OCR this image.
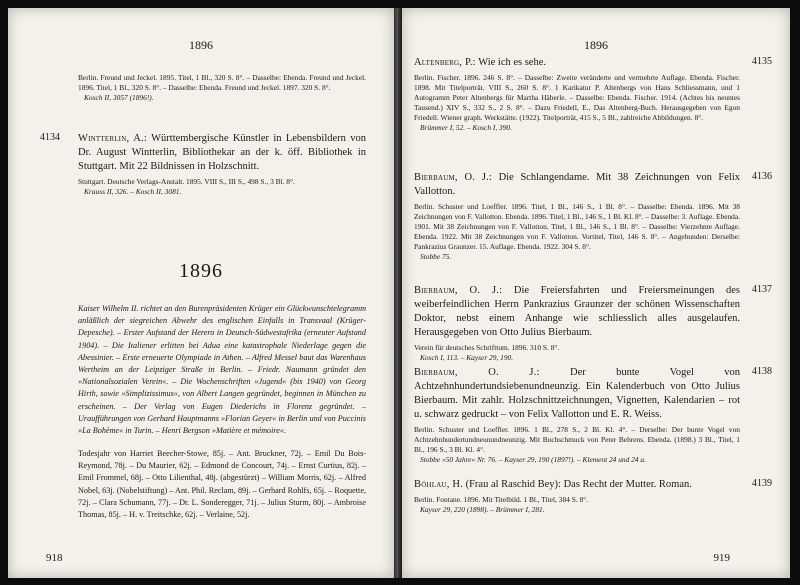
1896
Berlin. Freund und Jeckel. 1895. Titel, 1 Bl., 320 S. 8°. – Dasselbe: Ebenda. Freund und Jeckel. 1896. Titel, 1 Bl., 320 S. 8°. – Dasselbe: Ebenda. Freund und Jeckel. 1897. 320 S. 8°.
Kosch II, 3057 (1896!).
4134 Wintterlin, A.: Württembergische Künstler in Lebensbildern von Dr. August Wintterlin, Bibliothekar an der k. öff. Bibliothek in Stuttgart. Mit 22 Bildnissen in Holzschnitt.
Stuttgart. Deutsche Verlags-Anstalt. 1895. VIII S., III S., 498 S., 3 Bl. 8°.
Krauss II, 326. – Kosch II, 3081.
1896
Kaiser Wilhelm II. richtet an den Burenpräsidenten Krüger ein Glückwunschtelegramm anläßlich der siegreichen Abwehr des englischen Einfalls in Transvaal (Krüger-Depesche). – Erster Aufstand der Herero in Deutsch-Südwestafrika (erneuter Aufstand 1904). – Die Italiener erlitten bei Adua eine katastrophale Niederlage gegen die Abessinier. – Erste erneuerte Olympiade in Athen. – Alfred Messel baut das Warenhaus Wertheim an der Leipziger Straße in Berlin. – Friedr. Naumann gründet den »Nationalsozialen Verein«. – Die Wochenschriften »Jugend« (bis 1940) von Georg Hirth, sowie »Simplizissimus«, von Albert Langen gegründet, beginnen in München zu erscheinen. – Der Verlag von Eugen Diederichs in Florenz gegründet. – Uraufführungen von Gerhard Hauptmanns »Florian Geyer« in Berlin und von Puccinis »La Bohème« in Turin. – Henri Bergson »Matière et mémoire«.
Todesjahr von Harriet Beecher-Stowe, 85j. – Ant. Bruckner, 72j. – Emil Du Bois-Reymond, 78j. – Du Maurier, 62j. – Edmond de Concourt, 74j. – Ernst Curtius, 82j. – Emil Frommel, 68j. – Otto Lilienthal, 48j. (abgestürzt) – William Morris, 62j. – Alfred Nobel, 63j. (Nobelstiftung) – Ant. Phil. Reclam, 89j. – Gerhard Rohlfs, 65j. – Roquette, 72j. – Clara Schumann, 77j. – Dr. L. Sonderegger, 71j. – Julius Sturm, 80j. – Ambroise Thomas, 85j. – H. v. Treitschke, 62j. – Verlaine, 52j.
918
1896
4135
Altenberg, P.: Wie ich es sehe.
Berlin. Fischer. 1896. 246 S. 8°. – Dasselbe: Zweite veränderte und vermehrte Auflage. Ebenda. Fischer. 1898. Mit Titelporträt. VIII S., 260 S. 8°. 1 Karikatur P. Altenbergs von Hans Schliessmann, und 1 Autogramm Peter Altenbergs für Martha Häberle. – Dasselbe: Ebenda. Fischer. 1914. (Achtes bis neuntes Tausend.) XIV S., 332 S., 2 S. 8°. – Dazu Friedell, E., Das Altenberg-Buch. Herausgegeben von Egon Friedell. Wiener graph. Werkstätte. (1922). Titelporträt, 415 S., 5 Bl., zahlreiche Abbildungen. 8°.
Brümmer I, 52. – Kosch I, 390.
4136
Bierbaum, O. J.: Die Schlangendame. Mit 38 Zeichnungen von Felix Vallotton.
Berlin. Schuster und Loeffler. 1896. Titel, 1 Bl., 146 S., 1 Bl. 8°. – Dasselbe: Ebenda. 1896. Mit 38 Zeichnungen von F. Vallotton. Ebenda. 1896. Titel, 1 Bl., 146 S., 1 Bl. Kl. 8°. – Dasselbe: 3. Auflage. Ebenda. 1901. Mit 38 Zeichnungen von F. Vallotton. Titel, 1 Bl., 146 S., 1 Bl. 8°. – Dasselbe: Vierzehnte Auflage. Ebenda. 1922. Mit 38 Zeichnungen von F. Vallotton. Vortitel, Titel, 146 S. 8°. – Angebunden: Derselbe: Pankrazius Graunzer. 15. Auflage. Ebenda. 1922. 304 S. 8°.
Stobbe 75.
4137
Bierbaum, O. J.: Die Freiersfahrten und Freiersmeinungen des weiberfeindlichen Herrn Pankrazius Graunzer der schönen Wissenschaften Doktor, nebst einem Anhange wie schliesslich alles ausgelaufen. Herausgegeben von Otto Julius Bierbaum.
Verein für deutsches Schrifttum. 1896. 310 S. 8°.
Kosch I, 113. – Kayser 29, 190.
4138
Bierbaum, O. J.:	Der bunte Vogel von Achtzehnhundertundsiebenundneunzig. Ein Kalenderbuch von Otto Julius Bierbaum. Mit zahlr. Holzschnittzeichnungen, Vignetten, Kalendarien – rot u. schwarz gedruckt – von Felix Vallotton und E. R. Weiss.
Berlin. Schuster und Loeffler. 1896. 1 Bl., 278 S., 2 Bl. Kl. 4°. – Derselbe: Der bunte Vogel von Achtzehnhundertundneunundneunzig. Mit Buchschmuck von Peter Behrens. Ebenda. (1898.) 3 Bl., Titel, 1 Bl., 196 S., 3 Bl. Kl. 4°.
Stobbe »50 Jahre« Nr. 76. – Kayser 29, 190 (1897!). – Klement 24 und 24 a.
4139
Böhlau, H. (Frau al Raschid Bey): Das Recht der Mutter. Roman.
Berlin. Fontane. 1896. Mit Titelbild. 1 Bl., Titel, 384 S. 8°.
Kayser 29, 220 (1898). – Brümmer I, 281.
919
